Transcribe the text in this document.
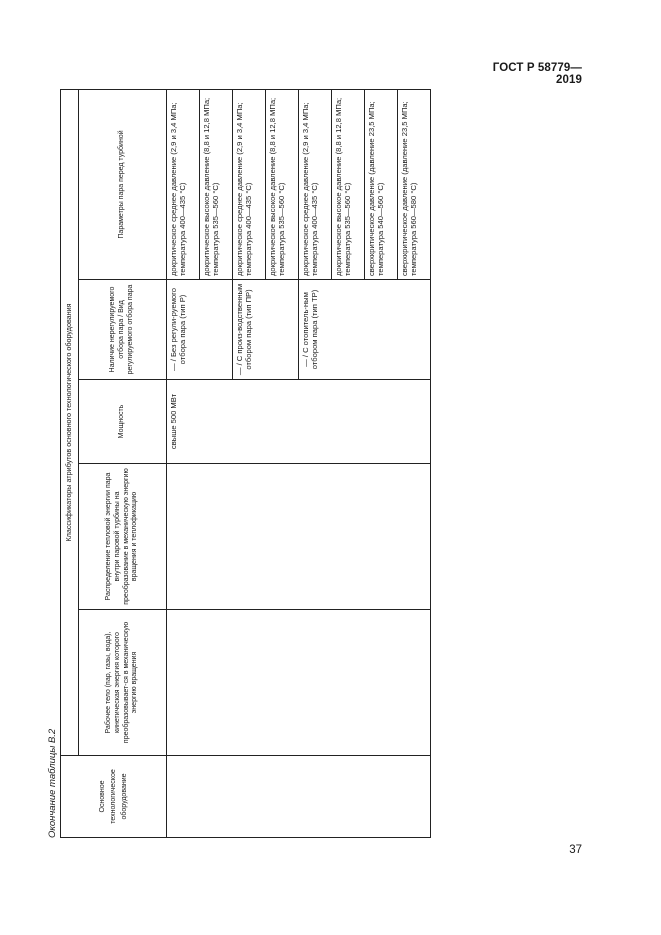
ГОСТ Р 58779—2019
Окончание таблицы В.2	Основное технологическое оборудование	Классификаторы атрибутов основного технологического оборудования				
	Рабочее тело (пар, газы, вода), кинетическая энергия которого преобразовывает-ся в механическую энергию вращения	Распределение тепловой энергии пара внутри паровой турбины на преобразование в механическую энергию вращения и теплофикацию	Мощность	Наличие нерегулируемого отбора пара / Вид регулируемого отбора пара	Параметры пара перед турбиной
			свыше 500 МВт	— / Без регули-руемого отбора пара (тип Р)	докритическое среднее давление (2,9 и 3,4 МПа; температура 400—435 °С)
					докритическое высокое давление (8,8 и 12,8 МПа; температура 535—560 °С)
				— / С произ-водственным отбором пара (тип ПР)	докритическое среднее давление (2,9 и 3,4 МПа; температура 400—435 °С)
					докритическое высокое давление (8,8 и 12,8 МПа; температура 535—560 °С)
				— / С отопитель-ным отбором пара (тип ТР)	докритическое среднее давление (2,9 и 3,4 МПа; температура 400—435 °С)
					докритическое высокое давление (8,8 и 12,8 МПа; температура 535—560 °С)
					сверхкритическое давление (давление 23,5 МПа; температура 540—560 °С)
					сверхкритическое давление (давление 23,5 МПа; температура 560—580 °С)
37
